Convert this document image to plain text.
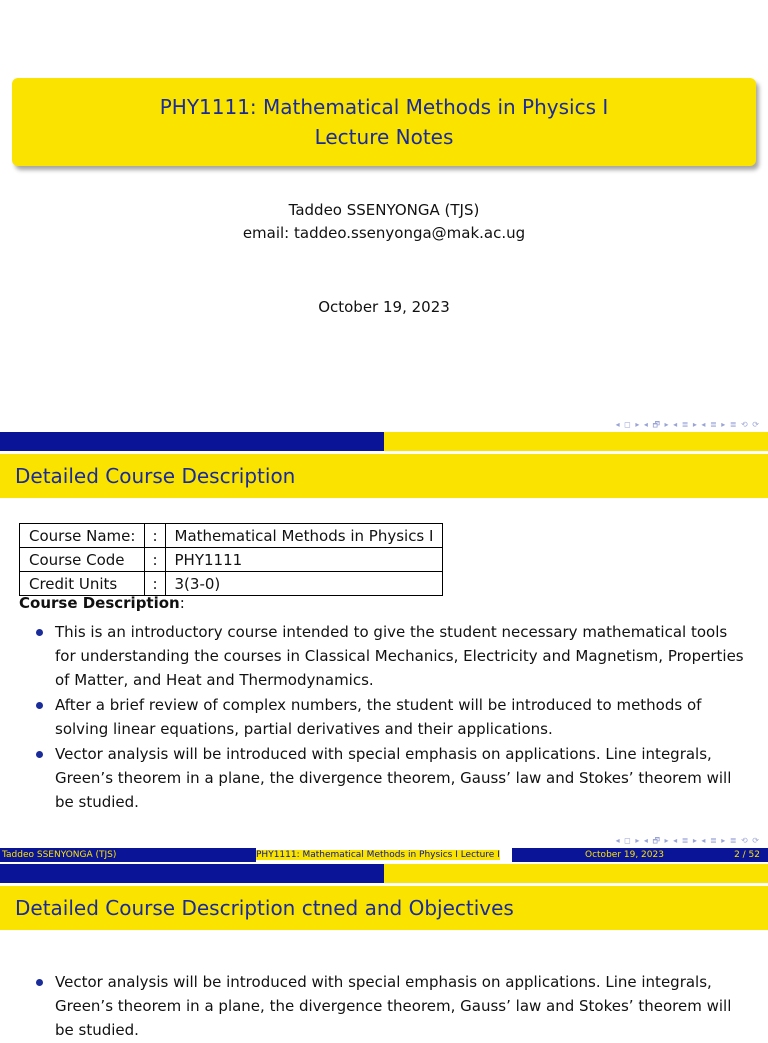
PHY1111: Mathematical Methods in Physics I
Lecture Notes
Taddeo SSENYONGA (TJS)
email: taddeo.ssenyonga@mak.ac.ug
October 19, 2023
◂ ◻ ▸ ◂ 🗗 ▸ ◂ ≣ ▸ ◂ ≣ ▸ ≣ ⟲ ⟳
Detailed Course Description
Course Name:	:	Mathematical Methods in Physics I
Course Code	:	PHY1111
Credit Units	:	3(3-0)
Course Description:
This is an introductory course intended to give the student necessary mathematical tools for understanding the courses in Classical Mechanics, Electricity and Magnetism, Properties of Matter, and Heat and Thermodynamics.
After a brief review of complex numbers, the student will be introduced to methods of solving linear equations, partial derivatives and their applications.
Vector analysis will be introduced with special emphasis on applications. Line integrals, Green’s theorem in a plane, the divergence theorem, Gauss’ law and Stokes’ theorem will be studied.
◂ ◻ ▸ ◂ 🗗 ▸ ◂ ≣ ▸ ◂ ≣ ▸ ≣ ⟲ ⟳
Taddeo SSENYONGA (TJS)	PHY1111: Mathematical Methods in Physics I Lecture I	October 19, 2023	2 / 52
Detailed Course Description ctned and Objectives
Vector analysis will be introduced with special emphasis on applications. Line integrals, Green’s theorem in a plane, the divergence theorem, Gauss’ law and Stokes’ theorem will be studied.
